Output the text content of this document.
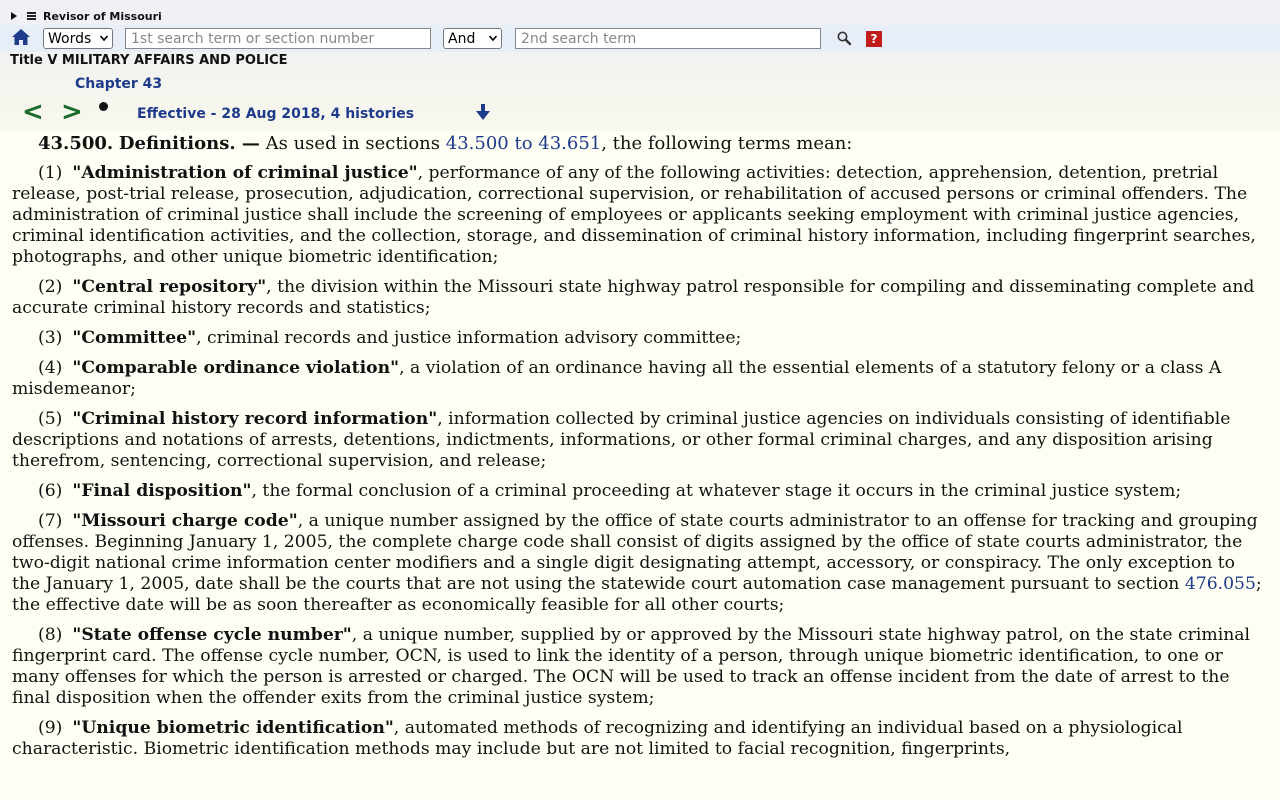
Revisor of Missouri
Words	1st search term or section number	And	2nd search term	?
Title V MILITARY AFFAIRS AND POLICE
Chapter 43
< >	Effective - 28 Aug 2018, 4 histories

43.500. Definitions. — As used in sections 43.500 to 43.651, the following terms mean:

(1) "Administration of criminal justice", performance of any of the following activities: detection, apprehension, detention, pretrial release, post-trial release, prosecution, adjudication, correctional supervision, or rehabilitation of accused persons or criminal offenders. The administration of criminal justice shall include the screening of employees or applicants seeking employment with criminal justice agencies, criminal identification activities, and the collection, storage, and dissemination of criminal history information, including fingerprint searches, photographs, and other unique biometric identification;

(2) "Central repository", the division within the Missouri state highway patrol responsible for compiling and disseminating complete and accurate criminal history records and statistics;

(3) "Committee", criminal records and justice information advisory committee;

(4) "Comparable ordinance violation", a violation of an ordinance having all the essential elements of a statutory felony or a class A misdemeanor;

(5) "Criminal history record information", information collected by criminal justice agencies on individuals consisting of identifiable descriptions and notations of arrests, detentions, indictments, informations, or other formal criminal charges, and any disposition arising therefrom, sentencing, correctional supervision, and release;

(6) "Final disposition", the formal conclusion of a criminal proceeding at whatever stage it occurs in the criminal justice system;

(7) "Missouri charge code", a unique number assigned by the office of state courts administrator to an offense for tracking and grouping offenses. Beginning January 1, 2005, the complete charge code shall consist of digits assigned by the office of state courts administrator, the two-digit national crime information center modifiers and a single digit designating attempt, accessory, or conspiracy. The only exception to the January 1, 2005, date shall be the courts that are not using the statewide court automation case management pursuant to section 476.055; the effective date will be as soon thereafter as economically feasible for all other courts;

(8) "State offense cycle number", a unique number, supplied by or approved by the Missouri state highway patrol, on the state criminal fingerprint card. The offense cycle number, OCN, is used to link the identity of a person, through unique biometric identification, to one or many offenses for which the person is arrested or charged. The OCN will be used to track an offense incident from the date of arrest to the final disposition when the offender exits from the criminal justice system;

(9) "Unique biometric identification", automated methods of recognizing and identifying an individual based on a physiological characteristic. Biometric identification methods may include but are not limited to facial recognition, fingerprints,
